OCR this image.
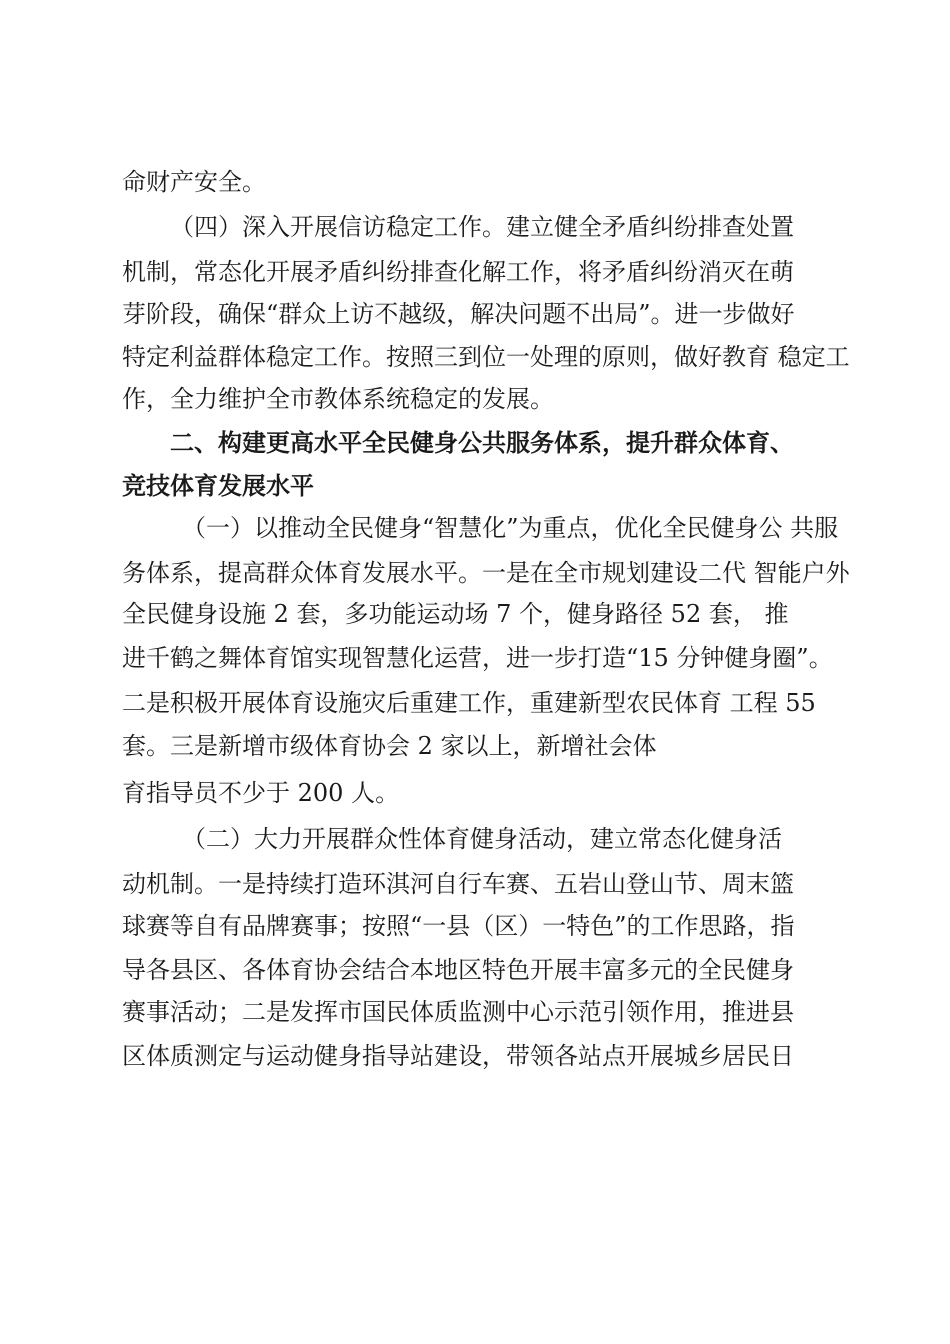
命财产安全。

（四）深入开展信访稳定工作。建立健全矛盾纠纷排查处置

机制，常态化开展矛盾纠纷排查化解工作，将矛盾纠纷消灭在萌

芽阶段，确保“群众上访不越级，解决问题不出局”。进一步做好

特定利益群体稳定工作。按照三到位一处理的原则，做好教育 稳定工

作，全力维护全市教体系统稳定的发展。

二、构建更高水平全民健身公共服务体系，提升群众体育、

竞技体育发展水平

（一）以推动全民健身“智慧化”为重点，优化全民健身公 共服

务体系，提高群众体育发展水平。一是在全市规划建设二代 智能户外

全民健身设施 2 套，多功能运动场 7 个，健身路径 52 套， 推

进千鹤之舞体育馆实现智慧化运营，进一步打造“15 分钟健身圈”。

二是积极开展体育设施灾后重建工作，重建新型农民体育 工程 55

套。三是新增市级体育协会 2 家以上，新增社会体

育指导员不少于 200 人。

（二）大力开展群众性体育健身活动，建立常态化健身活

动机制。一是持续打造环淇河自行车赛、五岩山登山节、周末篮

球赛等自有品牌赛事；按照“一县（区）一特色”的工作思路，指

导各县区、各体育协会结合本地区特色开展丰富多元的全民健身

赛事活动；二是发挥市国民体质监测中心示范引领作用，推进县

区体质测定与运动健身指导站建设，带领各站点开展城乡居民日
